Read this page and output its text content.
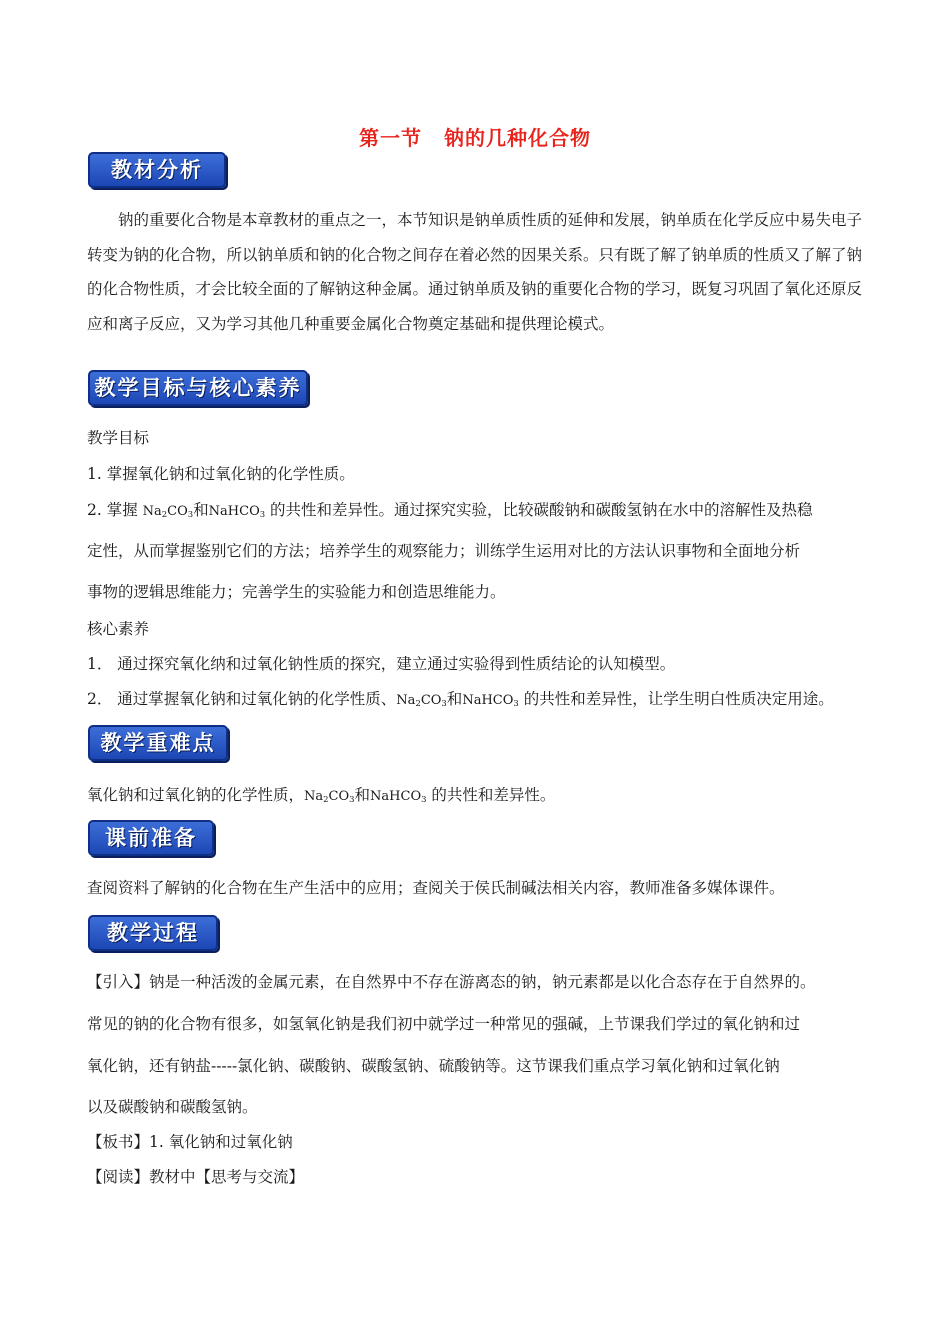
第一节 钠的几种化合物
教材分析

钠的重要化合物是本章教材的重点之一，本节知识是钠单质性质的延伸和发展，钠单质在化学反应中易失电子转变为钠的化合物，所以钠单质和钠的化合物之间存在着必然的因果关系。只有既了解了钠单质的性质又了解了钠的化合物性质，才会比较全面的了解钠这种金属。通过钠单质及钠的重要化合物的学习，既复习巩固了氧化还原反应和离子反应，又为学习其他几种重要金属化合物奠定基础和提供理论模式。

教学目标与核心素养
教学目标
1. 掌握氧化钠和过氧化钠的化学性质。
2. 掌握 $Na_2CO_3$和NaHCO$_3$ 的共性和差异性。通过探究实验，比较碳酸钠和碳酸氢钠在水中的溶解性及热稳
定性，从而掌握鉴别它们的方法；培养学生的观察能力；训练学生运用对比的方法认识事物和全面地分析
事物的逻辑思维能力；完善学生的实验能力和创造思维能力。
核心素养
1． 通过探究氧化纳和过氧化钠性质的探究，建立通过实验得到性质结论的认知模型。
2． 通过掌握氧化钠和过氧化钠的化学性质、$Na_2CO_3$和NaHCO$_3$ 的共性和差异性，让学生明白性质决定用途。
教学重难点
氧化钠和过氧化钠的化学性质，$Na_2CO_3$和NaHCO$_3$ 的共性和差异性。
课前准备
查阅资料了解钠的化合物在生产生活中的应用；查阅关于侯氏制碱法相关内容，教师准备多媒体课件。
教学过程
【引入】钠是一种活泼的金属元素，在自然界中不存在游离态的钠，钠元素都是以化合态存在于自然界的。
常见的钠的化合物有很多，如氢氧化钠是我们初中就学过一种常见的强碱，上节课我们学过的氧化钠和过
氧化钠，还有钠盐-----氯化钠、碳酸钠、碳酸氢钠、硫酸钠等。这节课我们重点学习氧化钠和过氧化钠
以及碳酸钠和碳酸氢钠。
【板书】1. 氧化钠和过氧化钠
【阅读】教材中【思考与交流】
